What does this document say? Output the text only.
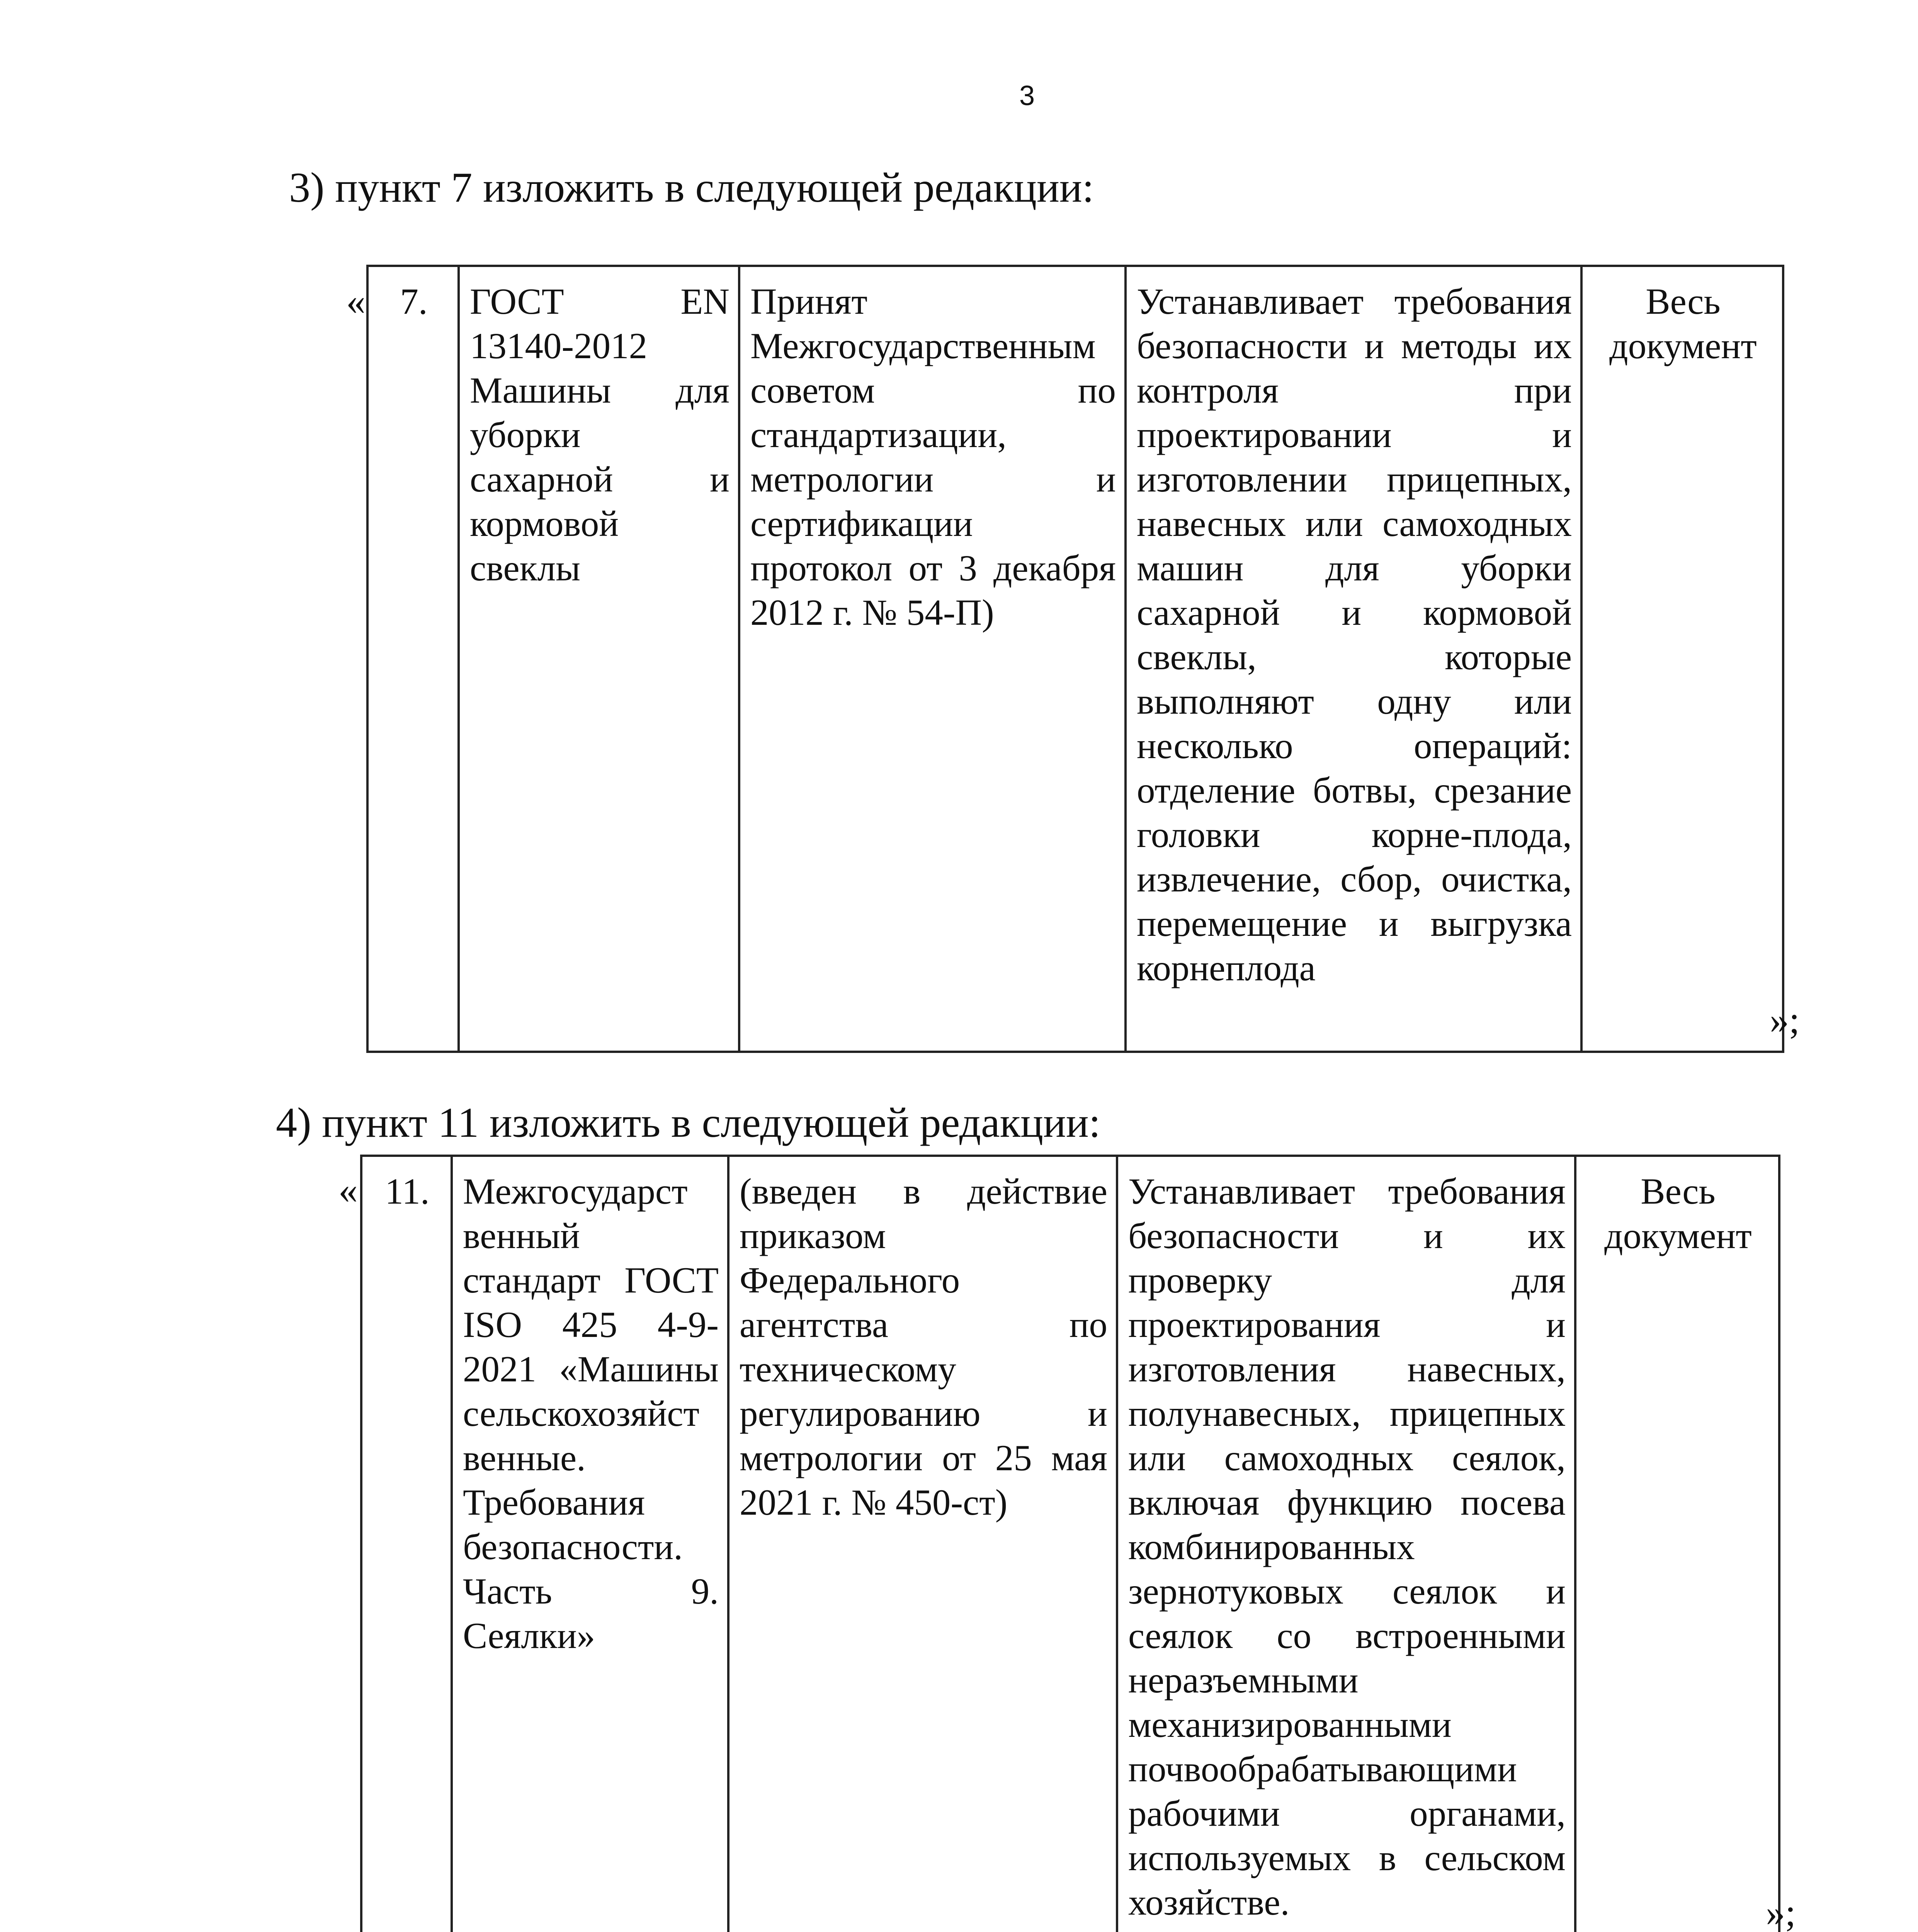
3
3) пункт 7 изложить в следующей редакции:
« 7.	ГОСТ EN 13140-2012 Машины для уборки сахарной и кормовой свеклы	Принят Межгосударственным советом по стандартизации, метрологии и сертификации протокол от 3 декабря 2012 г. № 54-П)	Устанавливает требования безопасности и методы их контроля при проектировании и изготовлении прицепных, навесных или самоходных машин для уборки сахарной и кормовой свеклы, которые выполняют одну или несколько операций: отделение ботвы, срезание головки корне-плода, извлечение, сбор, очистка, перемещение и выгрузка корнеплода	Весь документ
»;
4) пункт 11 изложить в следующей редакции:
« 11.	Межгосударст венный стандарт ГОСТ ISO 425 4-9-2021 «Машины сельскохозяйст венные. Требования безопасности. Часть 9. Сеялки»	(введен в действие приказом Федерального агентства по техническому регулированию и метрологии от 25 мая 2021 г. № 450-ст)	Устанавливает требования безопасности и их проверку для проектирования и изготовления навесных, полунавесных, прицепных или самоходных сеялок, включая функцию посева комбинированных зернотуковых сеялок и сеялок со встроенными неразъемными механизированными почвообрабатывающими рабочими органами, используемых в сельском хозяйстве.	Весь документ
»;
